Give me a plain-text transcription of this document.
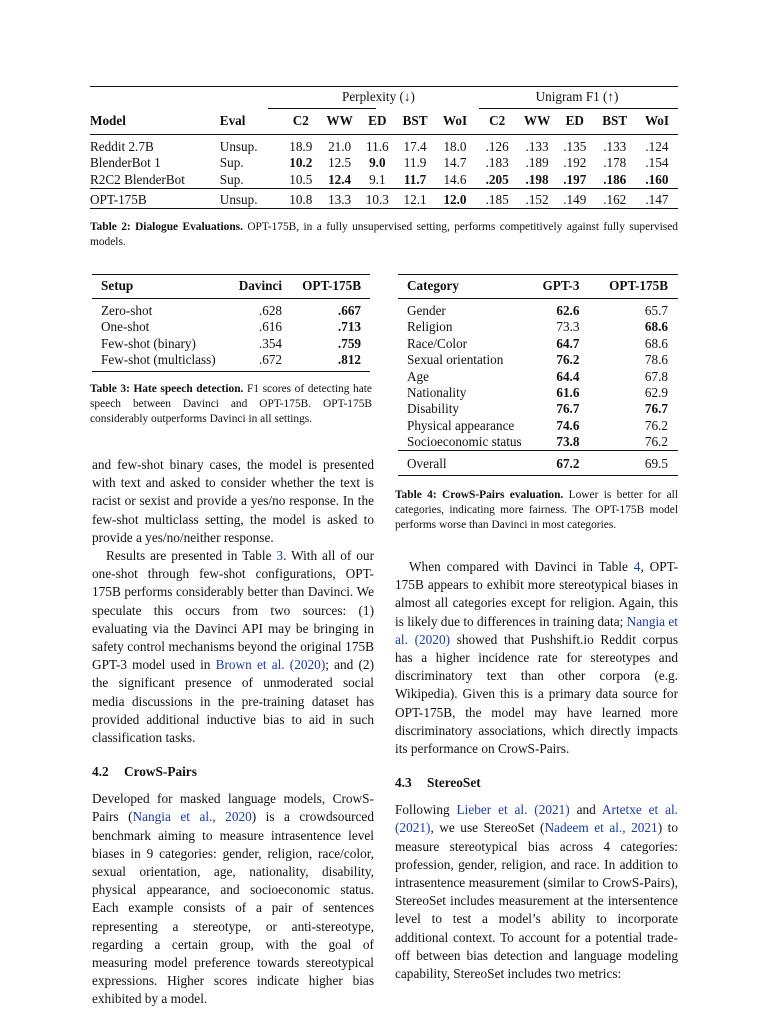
		Perplexity (↓)					Unigram F1 (↑)				
Model	Eval	C2	WW	ED	BST	WoI	C2	WW	ED	BST	WoI
Reddit 2.7B	Unsup.	18.9	21.0	11.6	17.4	18.0	.126	.133	.135	.133	.124
BlenderBot 1	Sup.	10.2	12.5	9.0	11.9	14.7	.183	.189	.192	.178	.154
R2C2 BlenderBot	Sup.	10.5	12.4	9.1	11.7	14.6	.205	.198	.197	.186	.160
OPT-175B	Unsup.	10.8	13.3	10.3	12.1	12.0	.185	.152	.149	.162	.147
Table 2: Dialogue Evaluations. OPT-175B, in a fully unsupervised setting, performs competitively against fully supervised models.
Setup	Davinci	OPT-175B
Zero-shot	.628	.667
One-shot	.616	.713
Few-shot (binary)	.354	.759
Few-shot (multiclass)	.672	.812
Table 3: Hate speech detection. F1 scores of detecting hate speech between Davinci and OPT-175B. OPT-175B considerably outperforms Davinci in all settings.
Category	GPT-3	OPT-175B
Gender	62.6	65.7
Religion	73.3	68.6
Race/Color	64.7	68.6
Sexual orientation	76.2	78.6
Age	64.4	67.8
Nationality	61.6	62.9
Disability	76.7	76.7
Physical appearance	74.6	76.2
Socioeconomic status	73.8	76.2
Overall	67.2	69.5
Table 4: CrowS-Pairs evaluation. Lower is better for all categories, indicating more fairness. The OPT-175B model performs worse than Davinci in most categories.
and few-shot binary cases, the model is presented with text and asked to consider whether the text is racist or sexist and provide a yes/no response. In the few-shot multiclass setting, the model is asked to provide a yes/no/neither response.
Results are presented in Table 3. With all of our one-shot through few-shot configurations, OPT-175B performs considerably better than Davinci. We speculate this occurs from two sources: (1) evaluating via the Davinci API may be bringing in safety control mechanisms beyond the original 175B GPT-3 model used in Brown et al. (2020); and (2) the significant presence of unmoderated social media discussions in the pre-training dataset has provided additional inductive bias to aid in such classification tasks.
4.2 CrowS-Pairs
Developed for masked language models, CrowS-Pairs (Nangia et al., 2020) is a crowdsourced benchmark aiming to measure intrasentence level biases in 9 categories: gender, religion, race/color, sexual orientation, age, nationality, disability, physical appearance, and socioeconomic status. Each example consists of a pair of sentences representing a stereotype, or anti-stereotype, regarding a certain group, with the goal of measuring model preference towards stereotypical expressions. Higher scores indicate higher bias exhibited by a model.
When compared with Davinci in Table 4, OPT-175B appears to exhibit more stereotypical biases in almost all categories except for religion. Again, this is likely due to differences in training data; Nangia et al. (2020) showed that Pushshift.io Reddit corpus has a higher incidence rate for stereotypes and discriminatory text than other corpora (e.g. Wikipedia). Given this is a primary data source for OPT-175B, the model may have learned more discriminatory associations, which directly impacts its performance on CrowS-Pairs.
4.3 StereoSet
Following Lieber et al. (2021) and Artetxe et al. (2021), we use StereoSet (Nadeem et al., 2021) to measure stereotypical bias across 4 categories: profession, gender, religion, and race. In addition to intrasentence measurement (similar to CrowS-Pairs), StereoSet includes measurement at the intersentence level to test a model’s ability to incorporate additional context. To account for a potential trade-off between bias detection and language modeling capability, StereoSet includes two metrics:
